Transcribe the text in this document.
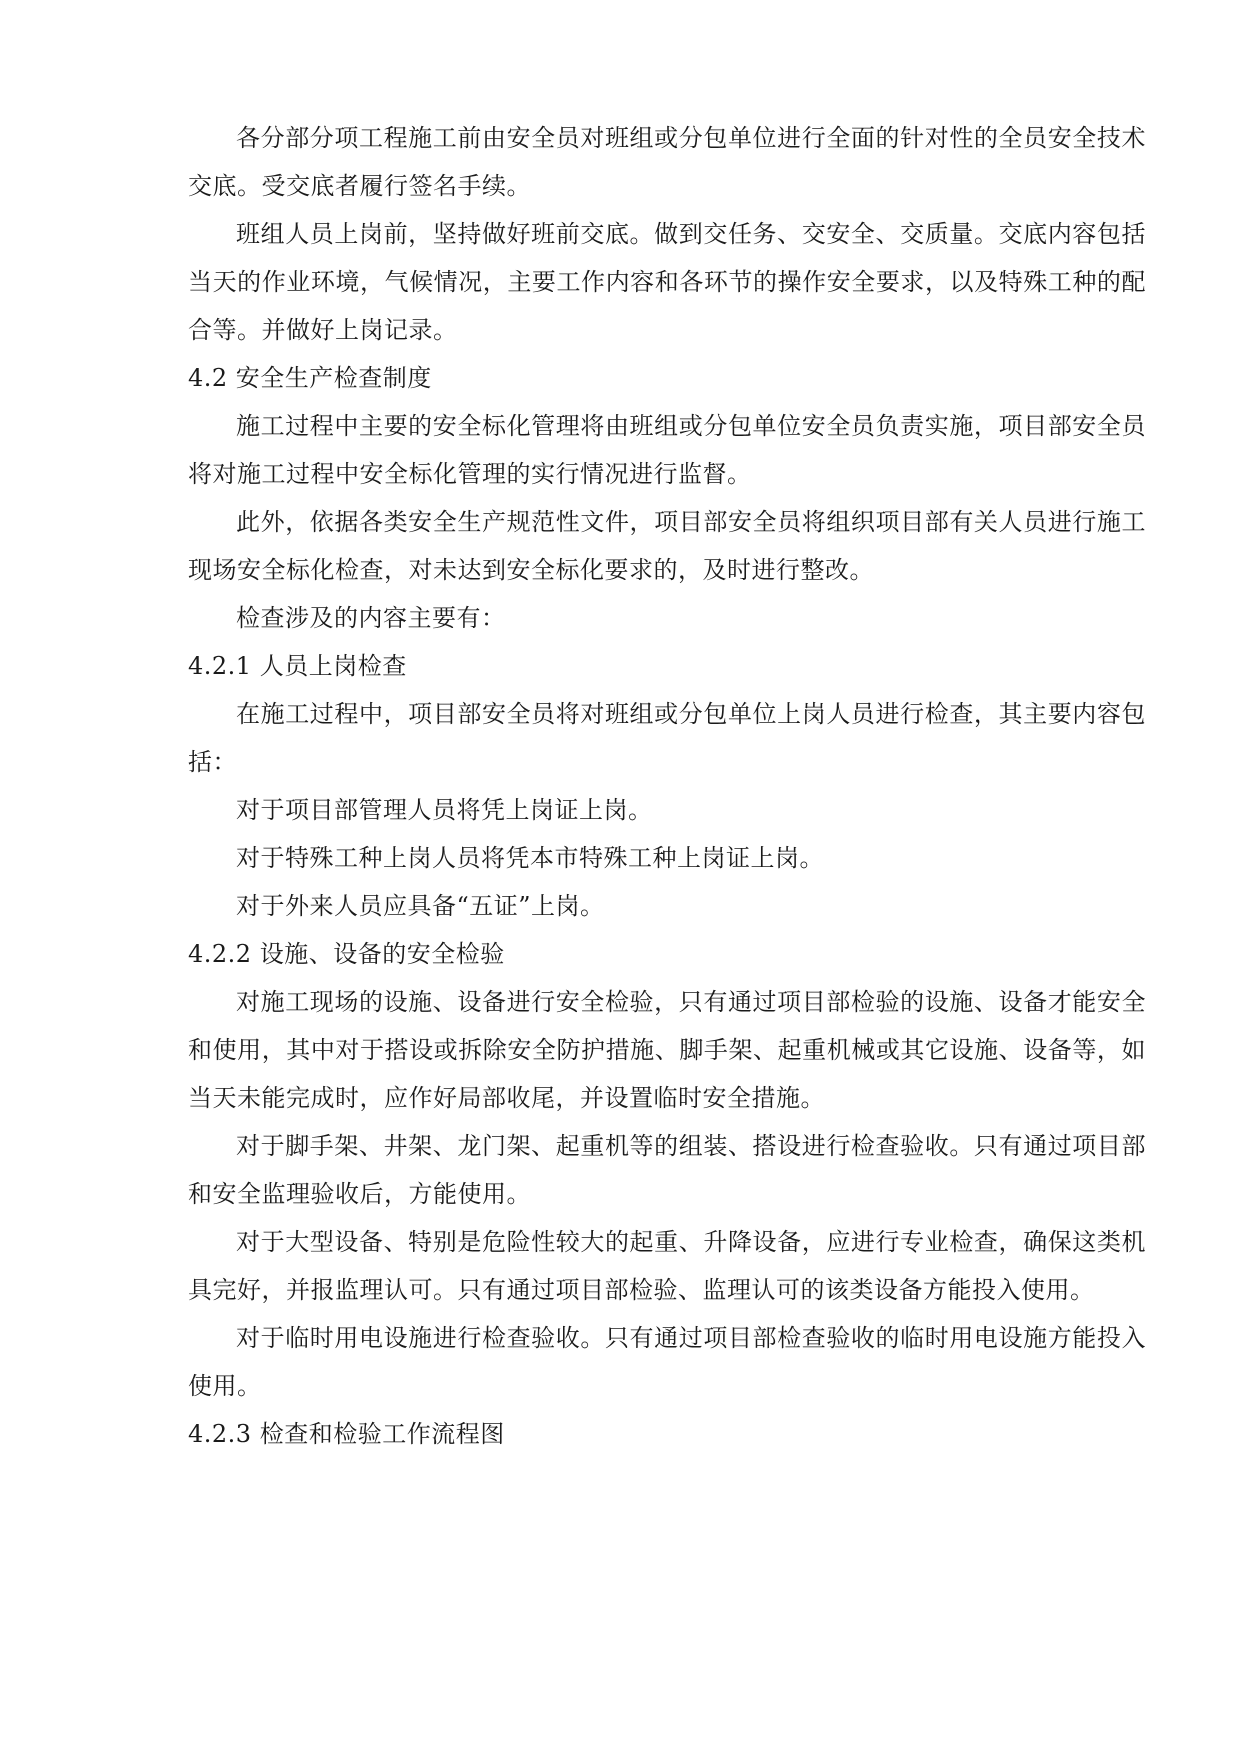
各分部分项工程施工前由安全员对班组或分包单位进行全面的针对性的全员安全技术交底。受交底者履行签名手续。

班组人员上岗前，坚持做好班前交底。做到交任务、交安全、交质量。交底内容包括当天的作业环境，气候情况，主要工作内容和各环节的操作安全要求，以及特殊工种的配合等。并做好上岗记录。

4.2 安全生产检查制度

施工过程中主要的安全标化管理将由班组或分包单位安全员负责实施，项目部安全员将对施工过程中安全标化管理的实行情况进行监督。

此外，依据各类安全生产规范性文件，项目部安全员将组织项目部有关人员进行施工现场安全标化检查，对未达到安全标化要求的，及时进行整改。

检查涉及的内容主要有：

4.2.1 人员上岗检查

在施工过程中，项目部安全员将对班组或分包单位上岗人员进行检查，其主要内容包括：

对于项目部管理人员将凭上岗证上岗。

对于特殊工种上岗人员将凭本市特殊工种上岗证上岗。

对于外来人员应具备“五证”上岗。

4.2.2 设施、设备的安全检验

对施工现场的设施、设备进行安全检验，只有通过项目部检验的设施、设备才能安全和使用，其中对于搭设或拆除安全防护措施、脚手架、起重机械或其它设施、设备等，如当天未能完成时，应作好局部收尾，并设置临时安全措施。

对于脚手架、井架、龙门架、起重机等的组装、搭设进行检查验收。只有通过项目部和安全监理验收后，方能使用。

对于大型设备、特别是危险性较大的起重、升降设备，应进行专业检查，确保这类机具完好，并报监理认可。只有通过项目部检验、监理认可的该类设备方能投入使用。

对于临时用电设施进行检查验收。只有通过项目部检查验收的临时用电设施方能投入使用。

4.2.3 检查和检验工作流程图
